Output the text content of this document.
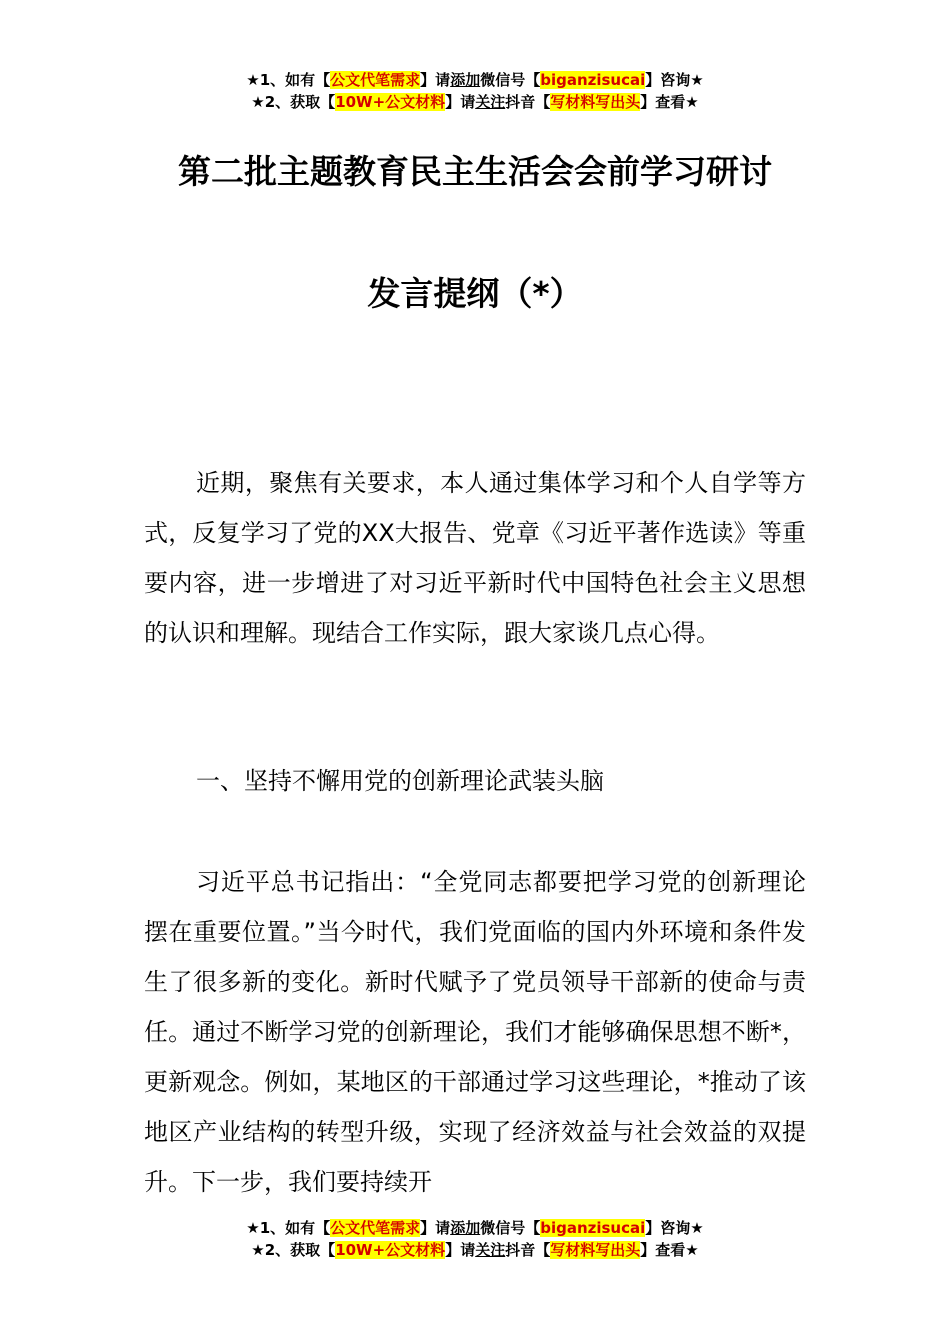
★1、如有【公文代笔需求】请添加微信号【biganzisucai】咨询★
★2、获取【10W+公文材料】请关注抖音【写材料写出头】查看★
第二批主题教育民主生活会会前学习研讨
发言提纲（*）

近期，聚焦有关要求，本人通过集体学习和个人自学等方式，反复学习了党的XX大报告、党章《习近平著作选读》等重要内容，进一步增进了对习近平新时代中国特色社会主义思想的认识和理解。现结合工作实际，跟大家谈几点心得。

一、坚持不懈用党的创新理论武装头脑

习近平总书记指出：“全党同志都要把学习党的创新理论摆在重要位置。”当今时代，我们党面临的国内外环境和条件发生了很多新的变化。新时代赋予了党员领导干部新的使命与责任。通过不断学习党的创新理论，我们才能够确保思想不断*，更新观念。例如，某地区的干部通过学习这些理论，*推动了该地区产业结构的转型升级，实现了经济效益与社会效益的双提升。下一步，我们要持续开

★1、如有【公文代笔需求】请添加微信号【biganzisucai】咨询★
★2、获取【10W+公文材料】请关注抖音【写材料写出头】查看★
